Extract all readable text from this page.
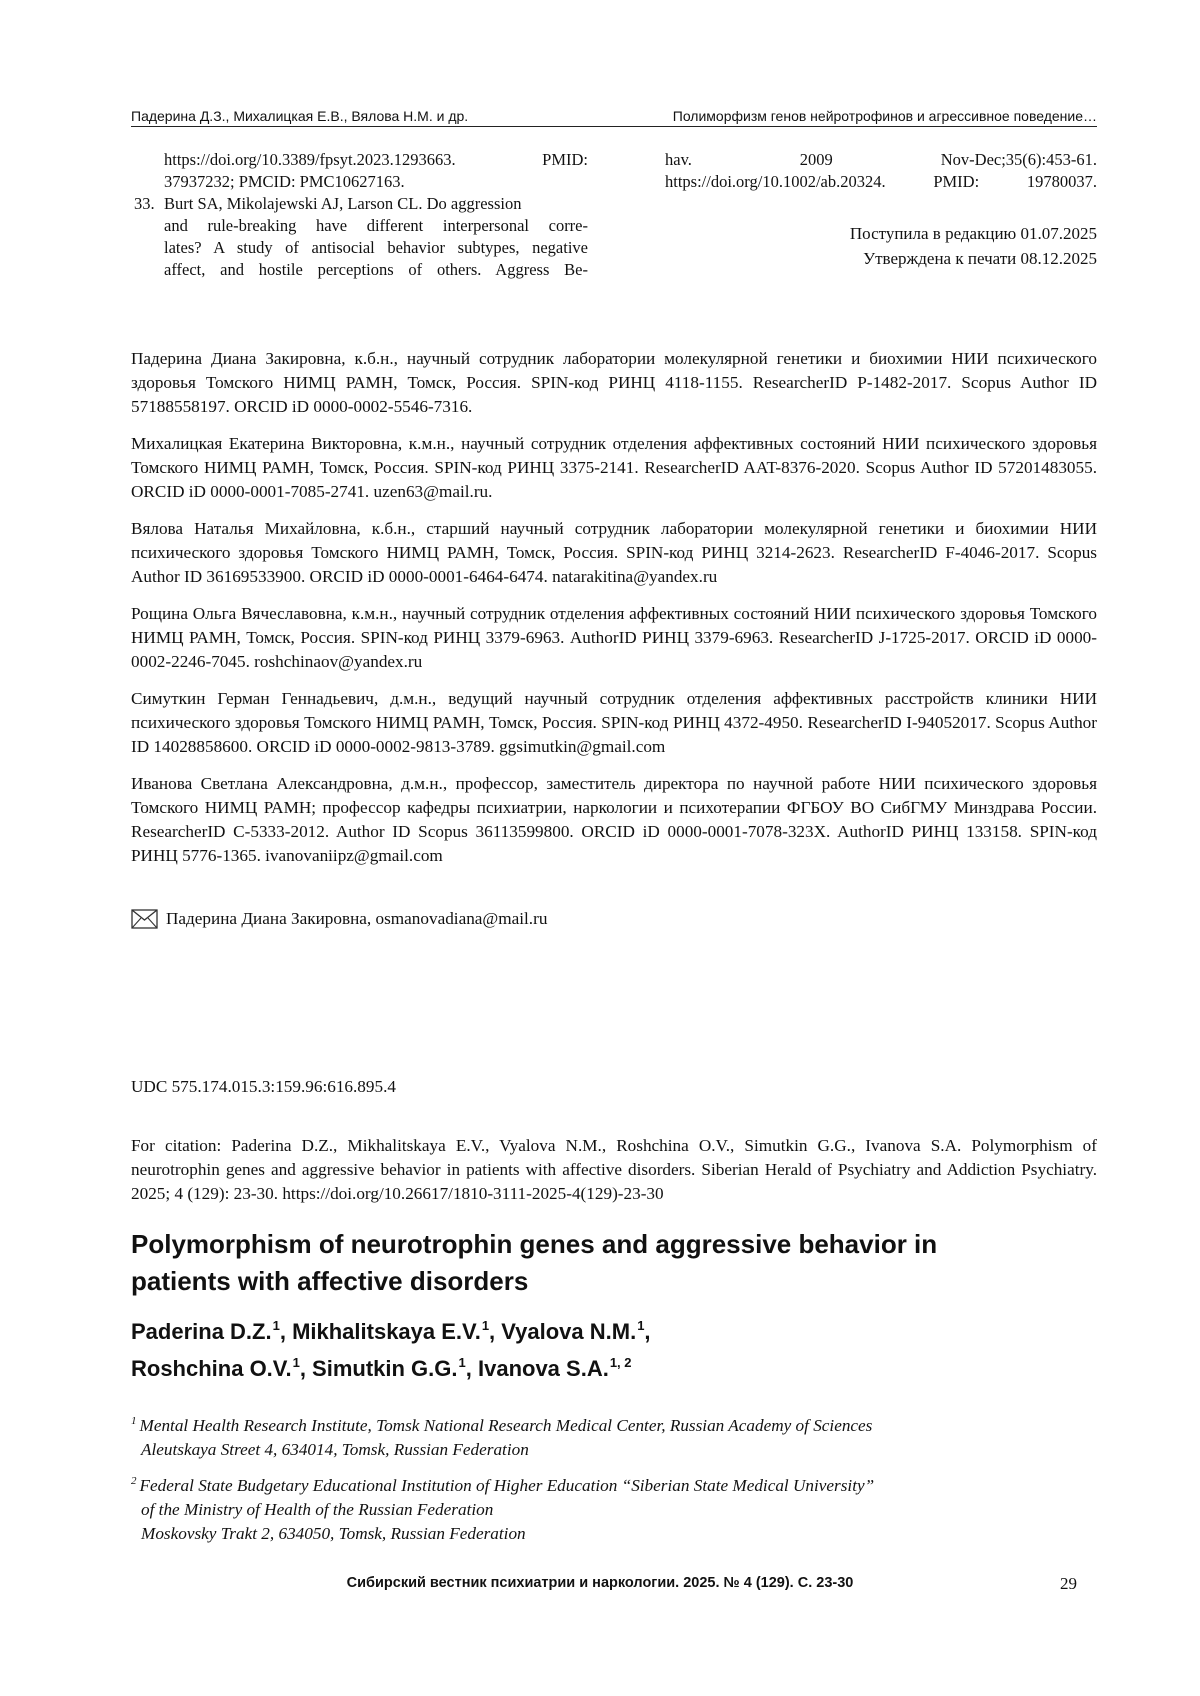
Падерина Д.З., Михалицкая Е.В., Вялова Н.М. и др.	Полиморфизм генов нейротрофинов и агрессивное поведение…
https://doi.org/10.3389/fpsyt.2023.1293663. PMID:
37937232; PMCID: PMC10627163.
33. Burt SA, Mikolajewski AJ, Larson CL. Do aggression
and rule-breaking have different interpersonal corre-
lates? A study of antisocial behavior subtypes, negative
affect, and hostile perceptions of others. Aggress Be-
hav. 2009 Nov-Dec;35(6):453-61.
https://doi.org/10.1002/ab.20324. PMID: 19780037.
Поступила в редакцию 01.07.2025
Утверждена к печати 08.12.2025

Падерина Диана Закировна, к.б.н., научный сотрудник лаборатории молекулярной генетики и биохимии НИИ психического здоровья Томского НИМЦ РАМН, Томск, Россия. SPIN-код РИНЦ 4118-1155. ResearcherID P-1482-2017. Scopus Author ID 57188558197. ORCID iD 0000-0002-5546-7316.

Михалицкая Екатерина Викторовна, к.м.н., научный сотрудник отделения аффективных состояний НИИ психического здоровья Томского НИМЦ РАМН, Томск, Россия. SPIN-код РИНЦ 3375-2141. ResearcherID AAT-8376-2020. Scopus Author ID 57201483055. ORCID iD 0000-0001-7085-2741. uzen63@mail.ru.

Вялова Наталья Михайловна, к.б.н., старший научный сотрудник лаборатории молекулярной генетики и биохимии НИИ психического здоровья Томского НИМЦ РАМН, Томск, Россия. SPIN-код РИНЦ 3214-2623. ResearcherID F-4046-2017. Scopus Author ID 36169533900. ORCID iD 0000-0001-6464-6474. natarakitina@yandex.ru

Рощина Ольга Вячеславовна, к.м.н., научный сотрудник отделения аффективных состояний НИИ психического здоровья Томского НИМЦ РАМН, Томск, Россия. SPIN-код РИНЦ 3379-6963. AuthorID РИНЦ 3379-6963. ResearcherID J-1725-2017. ORCID iD 0000-0002-2246-7045. roshchinaov@yandex.ru

Симуткин Герман Геннадьевич, д.м.н., ведущий научный сотрудник отделения аффективных расстройств клиники НИИ психического здоровья Томского НИМЦ РАМН, Томск, Россия. SPIN-код РИНЦ 4372-4950. ResearcherID I-94052017. Scopus Author ID 14028858600. ORCID iD 0000-0002-9813-3789. ggsimutkin@gmail.com

Иванова Светлана Александровна, д.м.н., профессор, заместитель директора по научной работе НИИ психического здоровья Томского НИМЦ РАМН; профессор кафедры психиатрии, наркологии и психотерапии ФГБОУ ВО СибГМУ Минздрава России. ResearcherID C-5333-2012. Author ID Scopus 36113599800. ORCID iD 0000-0001-7078-323X. AuthorID РИНЦ 133158. SPIN-код РИНЦ 5776-1365. ivanovaniipz@gmail.com

Падерина Диана Закировна, osmanovadiana@mail.ru
UDC 575.174.015.3:159.96:616.895.4
For citation: Paderina D.Z., Mikhalitskaya E.V., Vyalova N.M., Roshchina O.V., Simutkin G.G., Ivanova S.A. Polymorphism of neurotrophin genes and aggressive behavior in patients with affective disorders. Siberian Herald of Psychiatry and Addiction Psychiatry. 2025; 4 (129): 23-30. https://doi.org/10.26617/1810-3111-2025-4(129)-23-30
Polymorphism of neurotrophin genes and aggressive behavior in patients with affective disorders
Paderina D.Z.$^1$, Mikhalitskaya E.V.$^1$, Vyalova N.M.$^1$,
Roshchina O.V.$^1$, Simutkin G.G.$^1$, Ivanova S.A.$^{1, 2}$
$^1$ Mental Health Research Institute, Tomsk National Research Medical Center, Russian Academy of Sciences
Aleutskaya Street 4, 634014, Tomsk, Russian Federation
$^2$ Federal State Budgetary Educational Institution of Higher Education “Siberian State Medical University”
of the Ministry of Health of the Russian Federation
Moskovsky Trakt 2, 634050, Tomsk, Russian Federation
Сибирский вестник психиатрии и наркологии. 2025. № 4 (129). С. 23-30	29
